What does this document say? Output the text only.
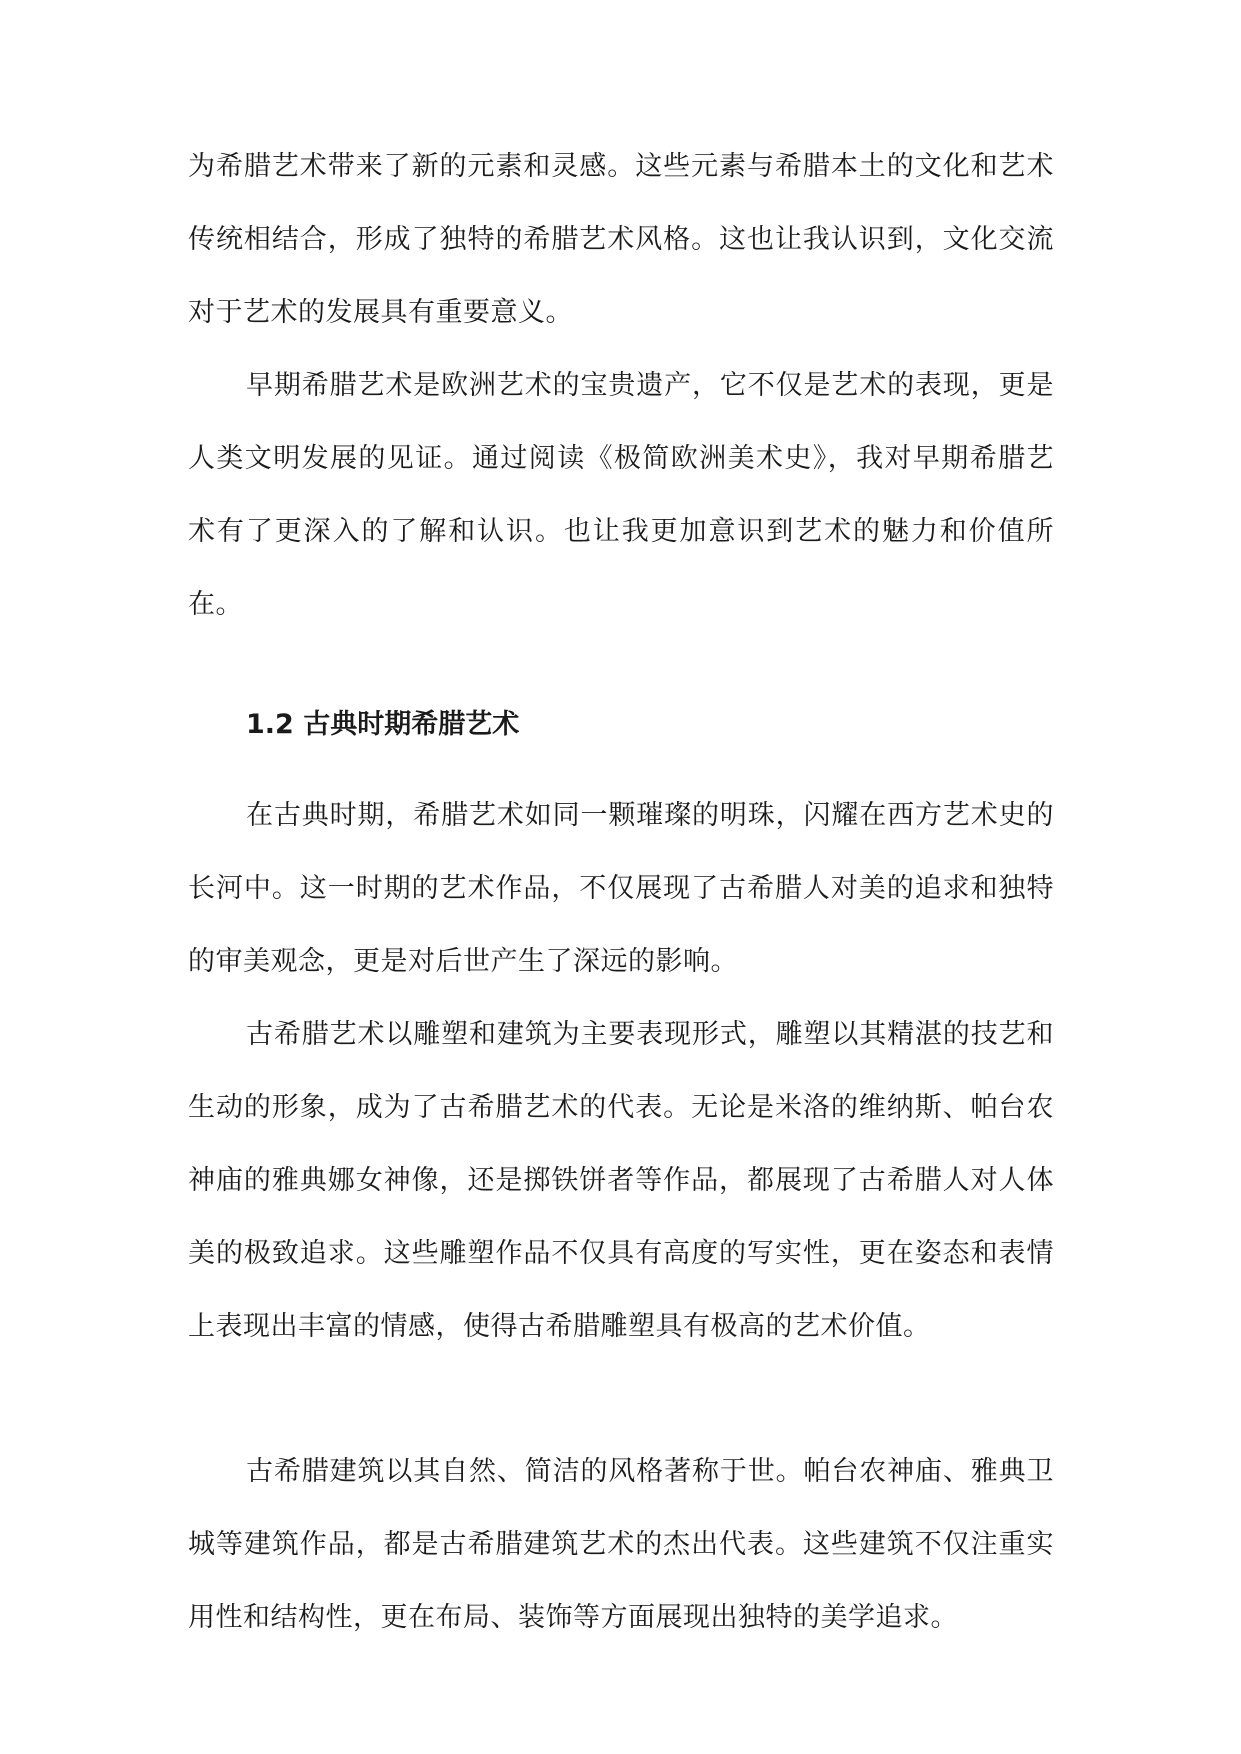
为希腊艺术带来了新的元素和灵感。这些元素与希腊本土的文化和艺术传统相结合，形成了独特的希腊艺术风格。这也让我认识到，文化交流对于艺术的发展具有重要意义。

早期希腊艺术是欧洲艺术的宝贵遗产，它不仅是艺术的表现，更是人类文明发展的见证。通过阅读《极简欧洲美术史》，我对早期希腊艺术有了更深入的了解和认识。也让我更加意识到艺术的魅力和价值所在。

1.2 古典时期希腊艺术

在古典时期，希腊艺术如同一颗璀璨的明珠，闪耀在西方艺术史的长河中。这一时期的艺术作品，不仅展现了古希腊人对美的追求和独特的审美观念，更是对后世产生了深远的影响。

古希腊艺术以雕塑和建筑为主要表现形式，雕塑以其精湛的技艺和生动的形象，成为了古希腊艺术的代表。无论是米洛的维纳斯、帕台农神庙的雅典娜女神像，还是掷铁饼者等作品，都展现了古希腊人对人体美的极致追求。这些雕塑作品不仅具有高度的写实性，更在姿态和表情上表现出丰富的情感，使得古希腊雕塑具有极高的艺术价值。

古希腊建筑以其自然、简洁的风格著称于世。帕台农神庙、雅典卫城等建筑作品，都是古希腊建筑艺术的杰出代表。这些建筑不仅注重实用性和结构性，更在布局、装饰等方面展现出独特的美学追求。
